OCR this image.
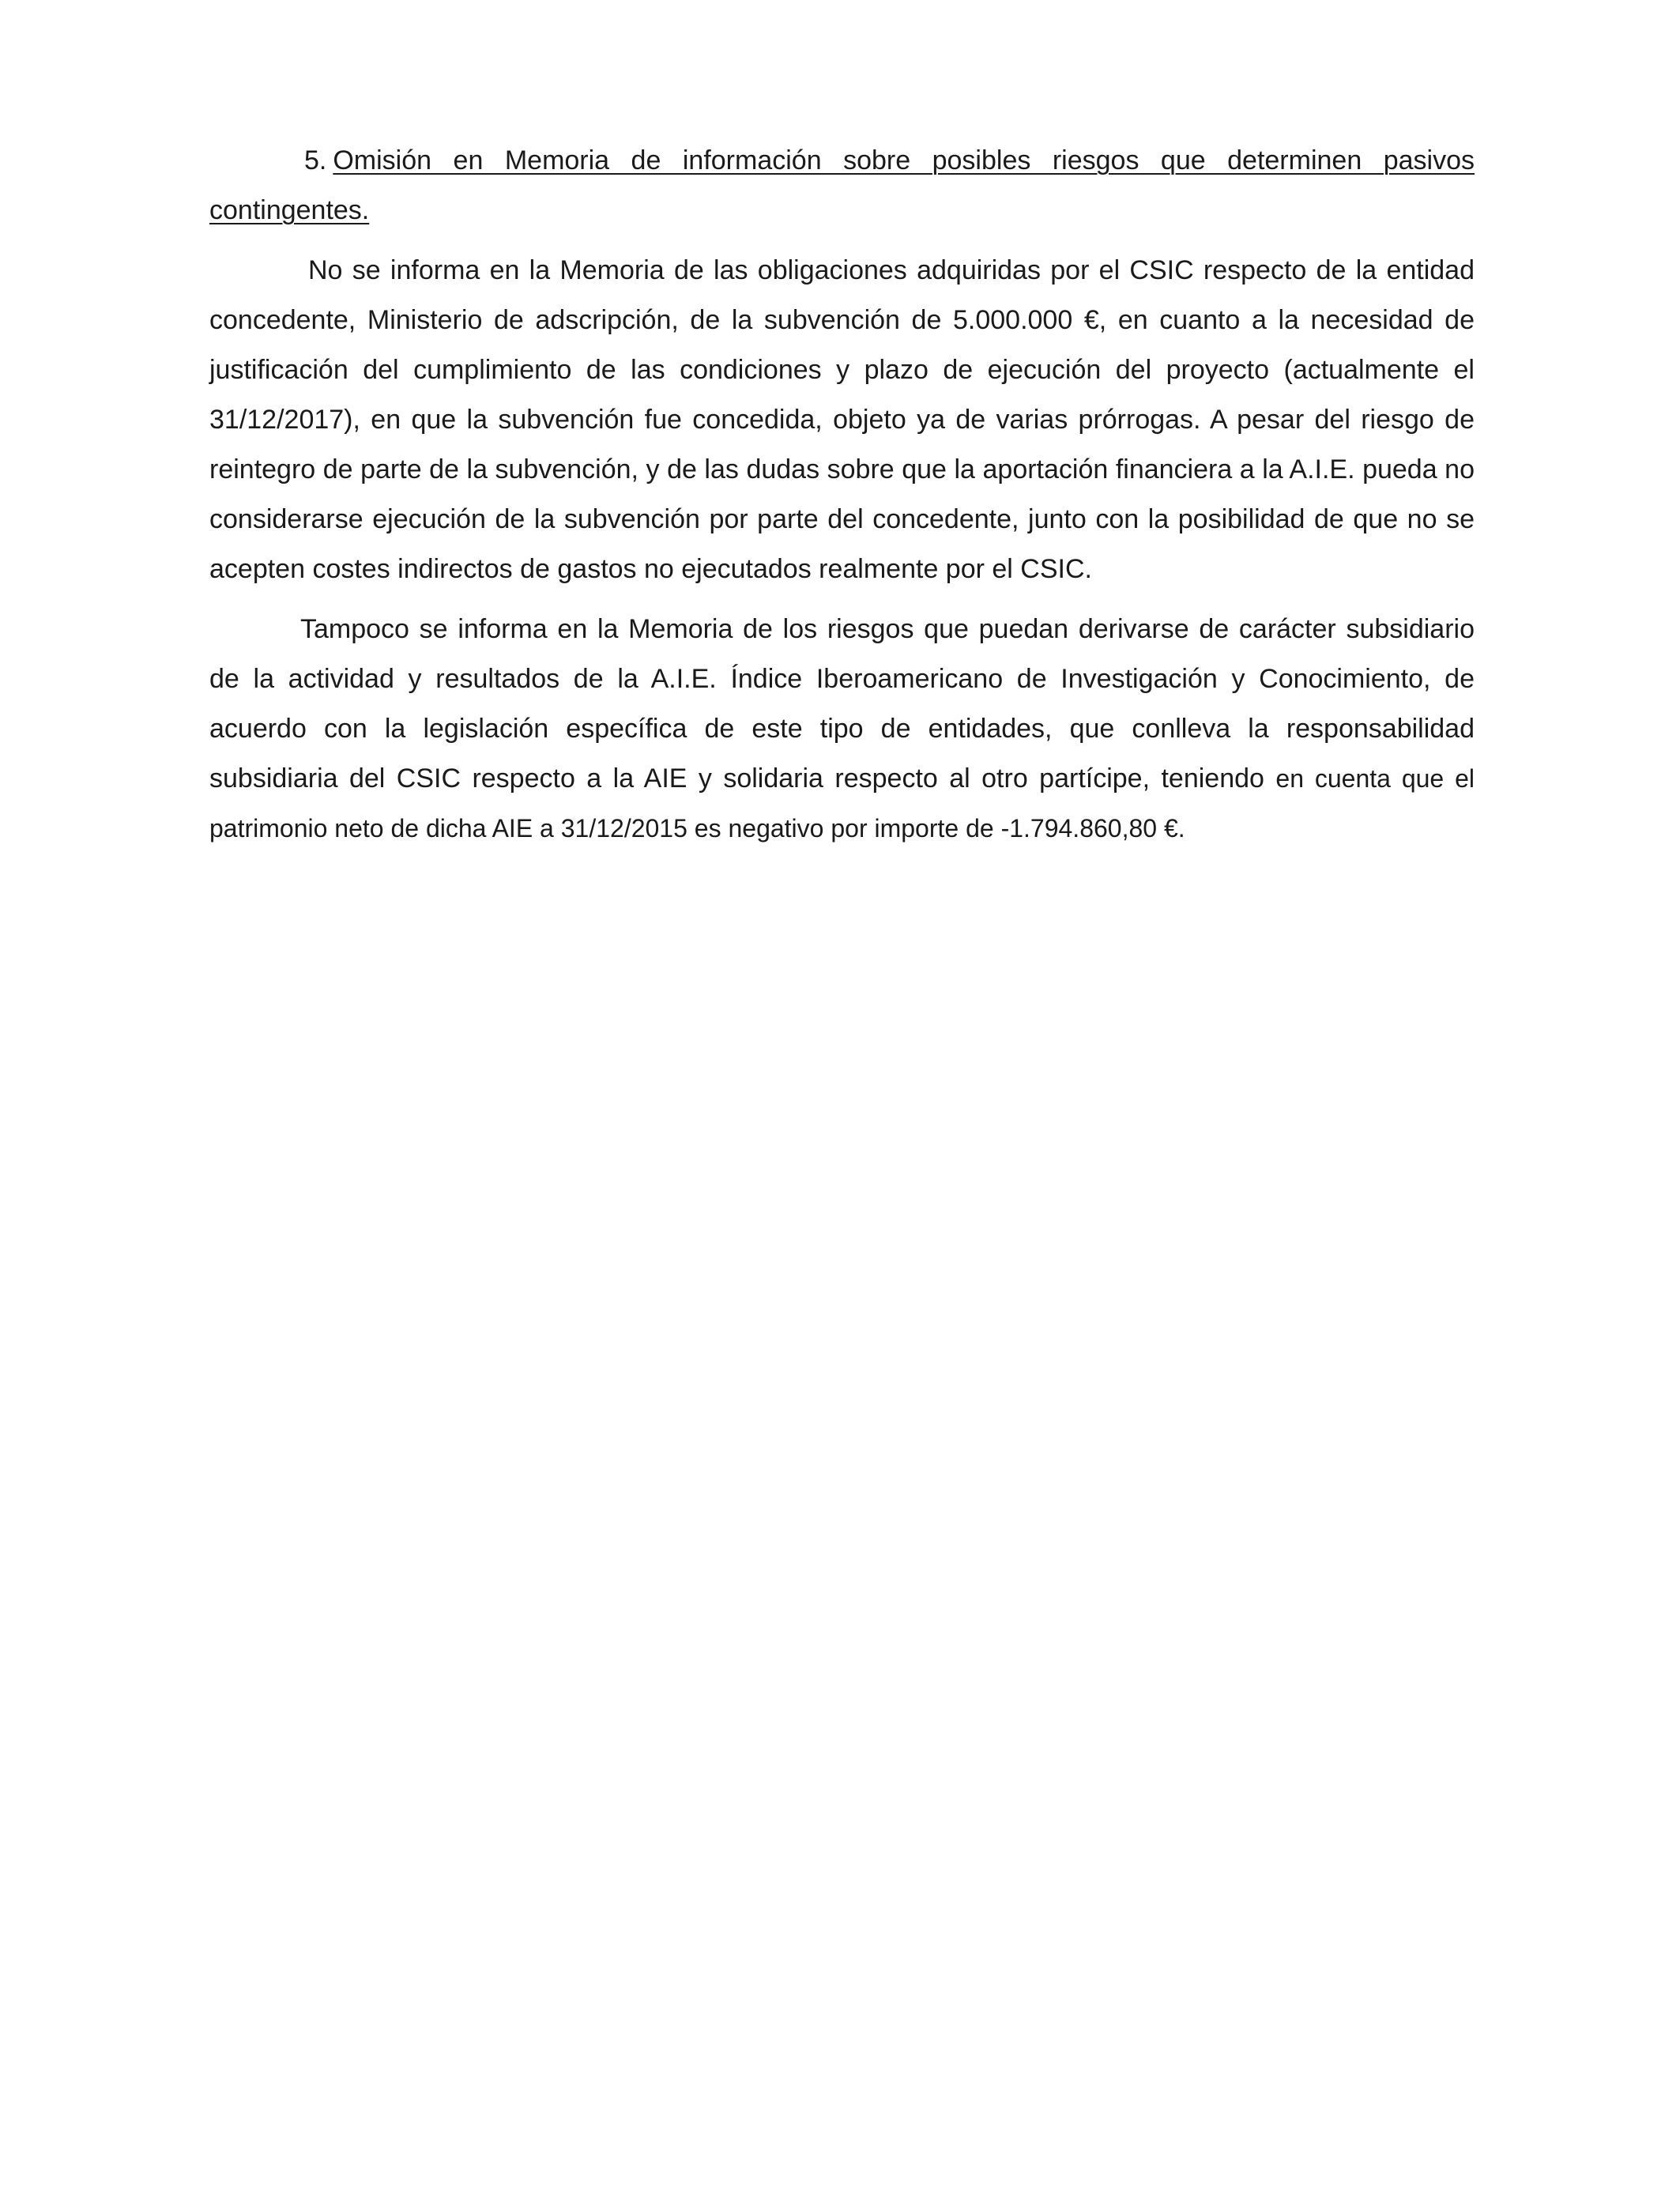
5. Omisión en Memoria de información sobre posibles riesgos que determinen pasivos contingentes.

No se informa en la Memoria de las obligaciones adquiridas por el CSIC respecto de la entidad concedente, Ministerio de adscripción, de la subvención de 5.000.000 €, en cuanto a la necesidad de justificación del cumplimiento de las condiciones y plazo de ejecución del proyecto (actualmente el 31/12/2017), en que la subvención fue concedida, objeto ya de varias prórrogas. A pesar del riesgo de reintegro de parte de la subvención, y de las dudas sobre que la aportación financiera a la A.I.E. pueda no considerarse ejecución de la subvención por parte del concedente, junto con la posibilidad de que no se acepten costes indirectos de gastos no ejecutados realmente por el CSIC.

Tampoco se informa en la Memoria de los riesgos que puedan derivarse de carácter subsidiario de la actividad y resultados de la A.I.E. Índice Iberoamericano de Investigación y Conocimiento, de acuerdo con la legislación específica de este tipo de entidades, que conlleva la responsabilidad subsidiaria del CSIC respecto a la AIE y solidaria respecto al otro partícipe, teniendo en cuenta que el patrimonio neto de dicha AIE a 31/12/2015 es negativo por importe de -1.794.860,80 €.
